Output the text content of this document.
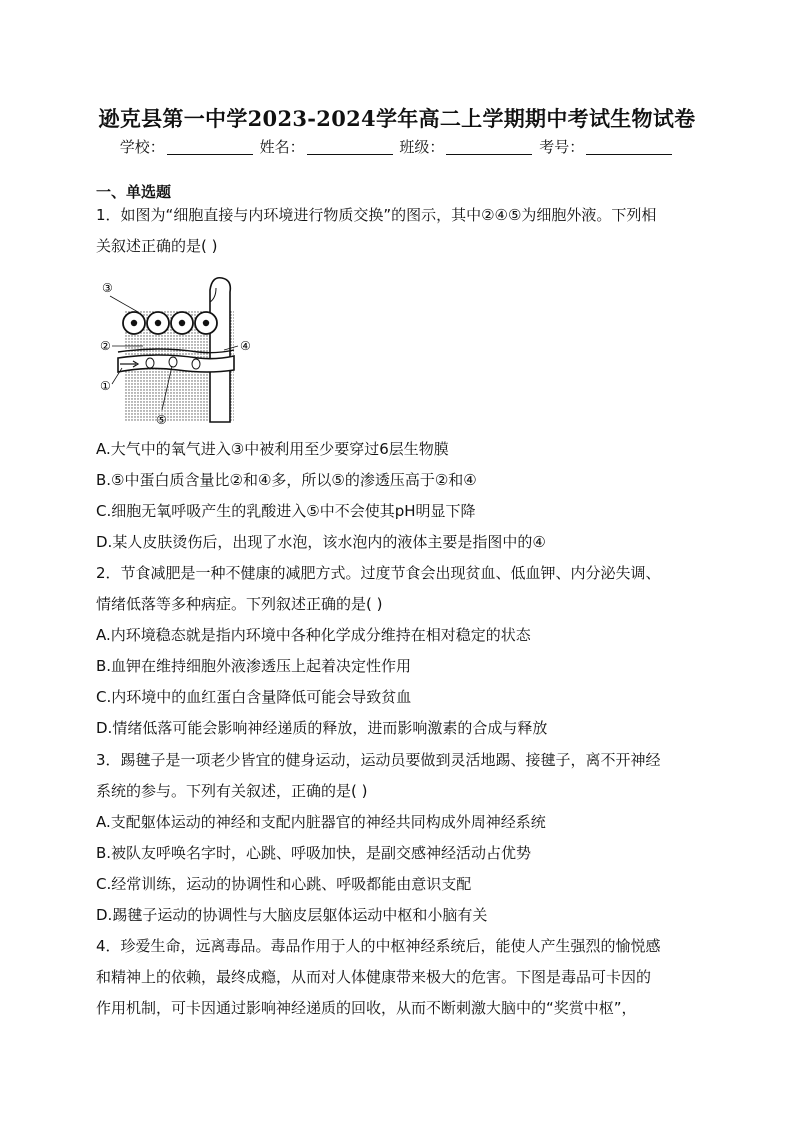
逊克县第一中学2023-2024学年高二上学期期中考试生物试卷
学校：	姓名：	班级：	考号：
一、单选题
1．如图为“细胞直接与内环境进行物质交换”的图示，其中②④⑤为细胞外液。下列相
关叙述正确的是( )
③
②	④
①
⑤
A.大气中的氧气进入③中被利用至少要穿过6层生物膜
B.⑤中蛋白质含量比②和④多，所以⑤的渗透压高于②和④
C.细胞无氧呼吸产生的乳酸进入⑤中不会使其pH明显下降
D.某人皮肤烫伤后，出现了水泡，该水泡内的液体主要是指图中的④
2．节食减肥是一种不健康的减肥方式。过度节食会出现贫血、低血钾、内分泌失调、
情绪低落等多种病症。下列叙述正确的是( )
A.内环境稳态就是指内环境中各种化学成分维持在相对稳定的状态
B.血钾在维持细胞外液渗透压上起着决定性作用
C.内环境中的血红蛋白含量降低可能会导致贫血
D.情绪低落可能会影响神经递质的释放，进而影响激素的合成与释放
3．踢毽子是一项老少皆宜的健身运动，运动员要做到灵活地踢、接毽子，离不开神经
系统的参与。下列有关叙述，正确的是( )
A.支配躯体运动的神经和支配内脏器官的神经共同构成外周神经系统
B.被队友呼唤名字时，心跳、呼吸加快，是副交感神经活动占优势
C.经常训练，运动的协调性和心跳、呼吸都能由意识支配
D.踢毽子运动的协调性与大脑皮层躯体运动中枢和小脑有关
4．珍爱生命，远离毒品。毒品作用于人的中枢神经系统后，能使人产生强烈的愉悦感
和精神上的依赖，最终成瘾，从而对人体健康带来极大的危害。下图是毒品可卡因的
作用机制，可卡因通过影响神经递质的回收，从而不断刺激大脑中的“奖赏中枢”，
